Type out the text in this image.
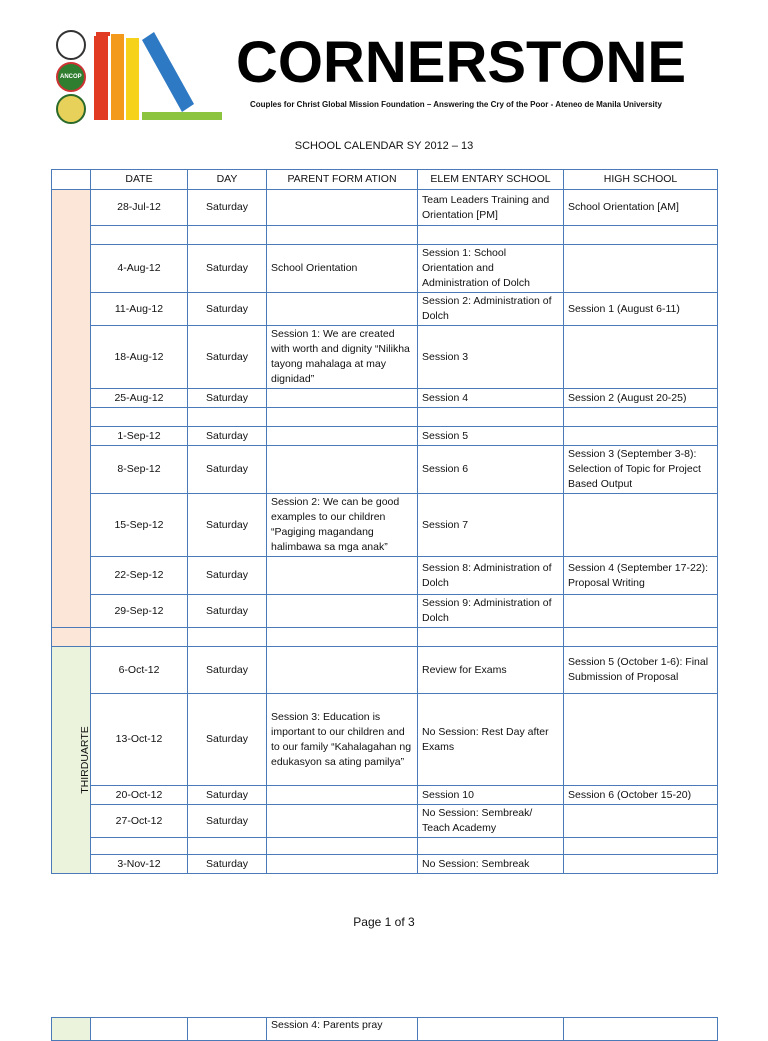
ANCOP	CORNERSTONE
Couples for Christ Global Mission Foundation – Answering the Cry of the Poor - Ateneo de Manila University
SCHOOL CALENDAR SY 2012 – 13
	DATE	DAY	PARENT FORM ATION	ELEM ENTARY SCHOOL	HIGH SCHOOL
	28-Jul-12	Saturday		Team Leaders Training and Orientation [PM]	School Orientation [AM]

	4-Aug-12	Saturday	School Orientation	Session 1: School Orientation and Administration of Dolch	
	11-Aug-12	Saturday		Session 2: Administration of Dolch	Session 1 (August 6-11)
	18-Aug-12	Saturday	Session 1: We are created with worth and dignity “Nilikha tayong mahalaga at may dignidad”	Session 3	
	25-Aug-12	Saturday		Session 4	Session 2 (August 20-25)

	1-Sep-12	Saturday		Session 5	
	8-Sep-12	Saturday		Session 6	Session 3 (September 3-8): Selection of Topic for Project Based Output
	15-Sep-12	Saturday	Session 2: We can be good examples to our children “Pagiging magandang halimbawa sa mga anak”	Session 7	
	22-Sep-12	Saturday		Session 8: Administration of Dolch	Session 4 (September 17-22): Proposal Writing
	29-Sep-12	Saturday		Session 9: Administration of Dolch	

THIRDUARTE	6-Oct-12	Saturday		Review for Exams	Session 5 (October 1-6): Final Submission of Proposal
	13-Oct-12	Saturday	Session 3: Education is important to our children and to our family “Kahalagahan ng edukasyon sa ating pamilya”	No Session: Rest Day after Exams	
	20-Oct-12	Saturday		Session 10	Session 6 (October 15-20)
	27-Oct-12	Saturday		No Session: Sembreak/ Teach Academy	

	3-Nov-12	Saturday		No Session: Sembreak	
Page 1 of 3
			Session 4: Parents pray		
